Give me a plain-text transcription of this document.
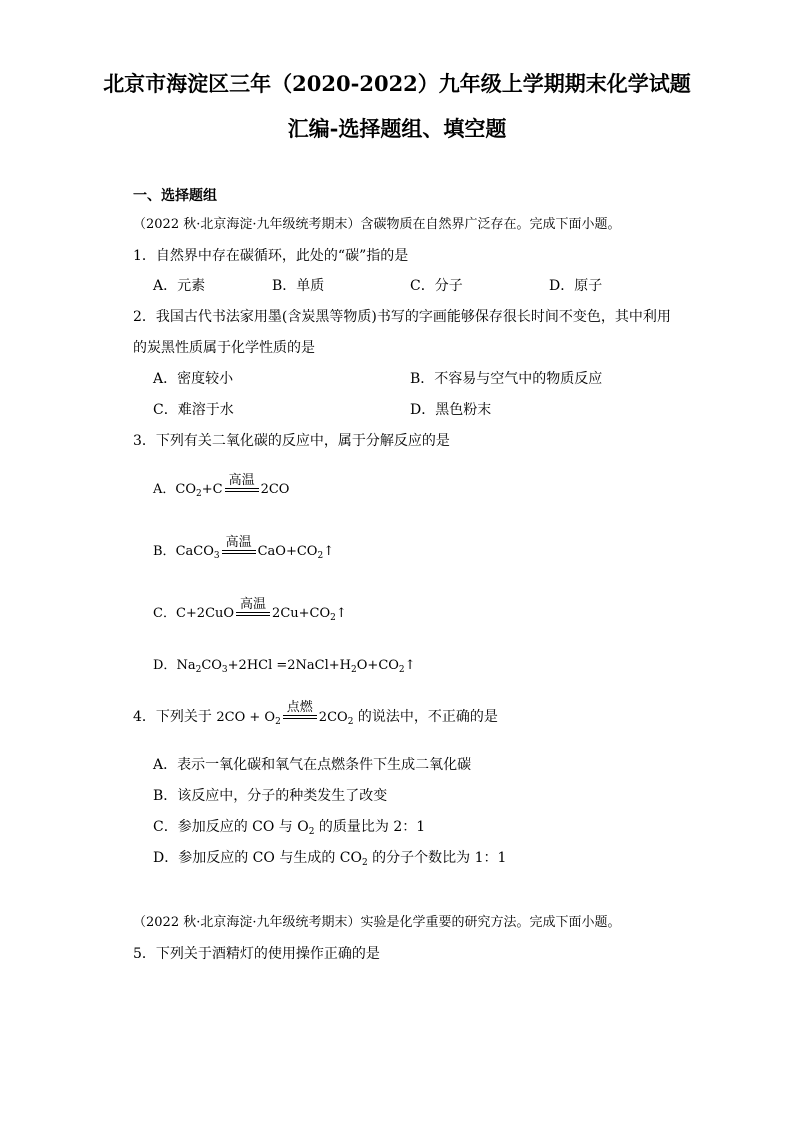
北京市海淀区三年（2020-2022）九年级上学期期末化学试题
汇编-选择题组、填空题
一、选择题组
（2022 秋·北京海淀·九年级统考期末）含碳物质在自然界广泛存在。完成下面小题。
1．自然界中存在碳循环，此处的“碳”指的是
A．元素	B．单质	C．分子	D．原子
2．我国古代书法家用墨(含炭黑等物质)书写的字画能够保存很长时间不变色，其中利用
的炭黑性质属于化学性质的是
A．密度较小	B．不容易与空气中的物质反应
C．难溶于水	D．黑色粉末
3．下列有关二氧化碳的反应中，属于分解反应的是
A．$CO_2+C$
高温
2CO
B．CaCO$_3$
高温
$CaO+CO_2↑$
C．C+2CuO
高温
$2Cu+CO_2↑$
D．$Na_2CO_3+2HCl$ $=2NaCl+H_2O+CO_2↑$
4．下列关于 $2CO + O_2$
点燃
$2CO_2$ 的说法中，不正确的是
A．表示一氧化碳和氧气在点燃条件下生成二氧化碳
B．该反应中，分子的种类发生了改变
C．参加反应的 CO 与 $O_2$ 的质量比为 2：1
D．参加反应的 CO 与生成的 $CO_2$ 的分子个数比为 1：1
（2022 秋·北京海淀·九年级统考期末）实验是化学重要的研究方法。完成下面小题。
5．下列关于酒精灯的使用操作正确的是
